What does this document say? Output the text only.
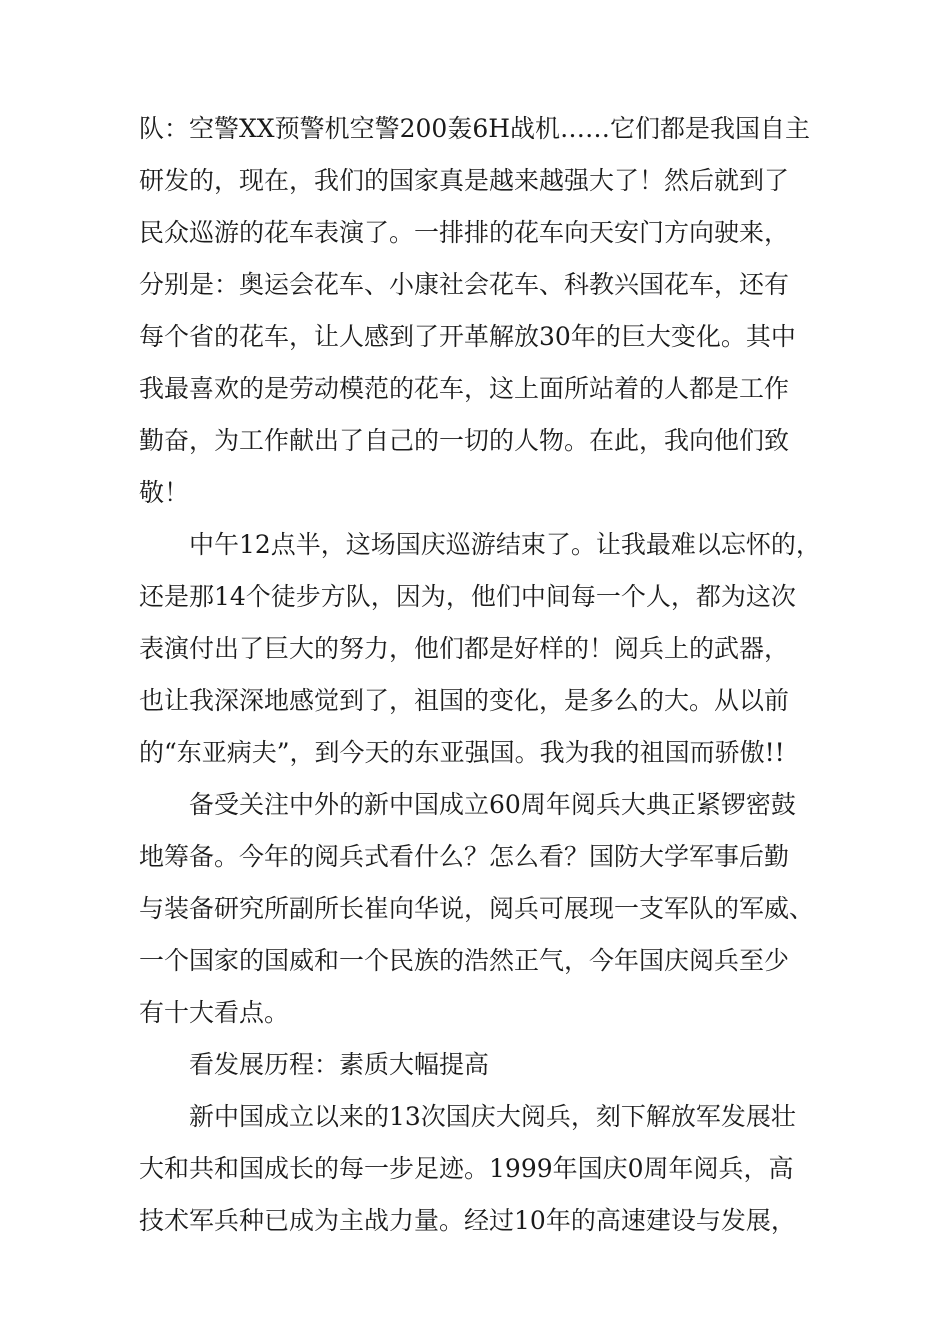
队：空警XX预警机空警200轰6H战机……它们都是我国自主
研发的，现在，我们的国家真是越来越强大了！然后就到了
民众巡游的花车表演了。一排排的花车向天安门方向驶来，
分别是：奥运会花车、小康社会花车、科教兴国花车，还有
每个省的花车，让人感到了开革解放30年的巨大变化。其中
我最喜欢的是劳动模范的花车，这上面所站着的人都是工作
勤奋，为工作献出了自己的一切的人物。在此，我向他们致
敬！
中午12点半，这场国庆巡游结束了。让我最难以忘怀的，
还是那14个徒步方队，因为，他们中间每一个人，都为这次
表演付出了巨大的努力，他们都是好样的！阅兵上的武器，
也让我深深地感觉到了，祖国的变化，是多么的大。从以前
的“东亚病夫”，到今天的东亚强国。我为我的祖国而骄傲!!
备受关注中外的新中国成立60周年阅兵大典正紧锣密鼓
地筹备。今年的阅兵式看什么？怎么看？国防大学军事后勤
与装备研究所副所长崔向华说，阅兵可展现一支军队的军威、
一个国家的国威和一个民族的浩然正气，今年国庆阅兵至少
有十大看点。
看发展历程：素质大幅提高
新中国成立以来的13次国庆大阅兵，刻下解放军发展壮
大和共和国成长的每一步足迹。1999年国庆0周年阅兵，高
技术军兵种已成为主战力量。经过10年的高速建设与发展，
